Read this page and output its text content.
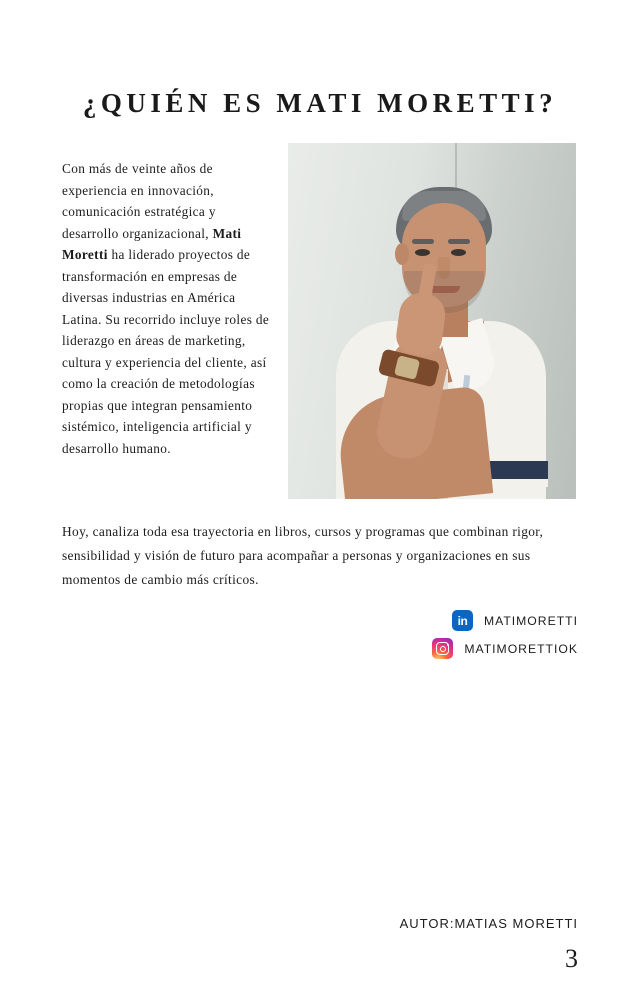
¿QUIÉN ES MATI MORETTI?
Con más de veinte años de experiencia en innovación, comunicación estratégica y desarrollo organizacional, Mati Moretti ha liderado proyectos de transformación en empresas de diversas industrias en América Latina. Su recorrido incluye roles de liderazgo en áreas de marketing, cultura y experiencia del cliente, así como la creación de metodologías propias que integran pensamiento sistémico, inteligencia artificial y desarrollo humano.
Hoy, canaliza toda esa trayectoria en libros, cursos y programas que combinan rigor, sensibilidad y visión de futuro para acompañar a personas y organizaciones en sus momentos de cambio más críticos.
in	MATIMORETTI
MATIMORETTIOK
AUTOR:MATIAS MORETTI
3
